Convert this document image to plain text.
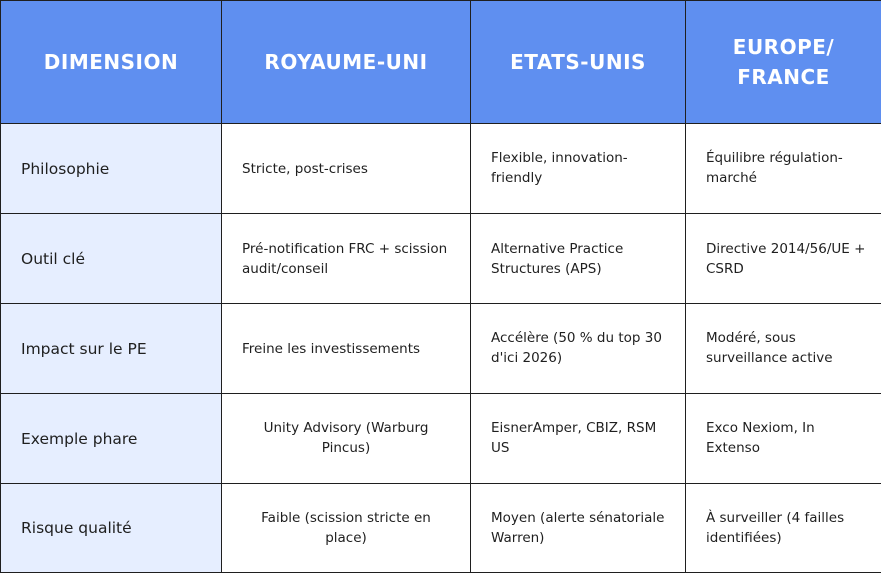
DIMENSION	ROYAUME-UNI	ETATS-UNIS	EUROPE/
FRANCE
Philosophie	Stricte, post-crises	Flexible, innovation-friendly	Équilibre régulation-marché
Outil clé	Pré-notification FRC + scission audit/conseil	Alternative Practice Structures (APS)	Directive 2014/56/UE + CSRD
Impact sur le PE	Freine les investissements	Accélère (50 % du top 30 d'ici 2026)	Modéré, sous surveillance active
Exemple phare	Unity Advisory (Warburg Pincus)	EisnerAmper, CBIZ, RSM US	Exco Nexiom, In Extenso
Risque qualité	Faible (scission stricte en place)	Moyen (alerte sénatoriale Warren)	À surveiller (4 failles identifiées)
